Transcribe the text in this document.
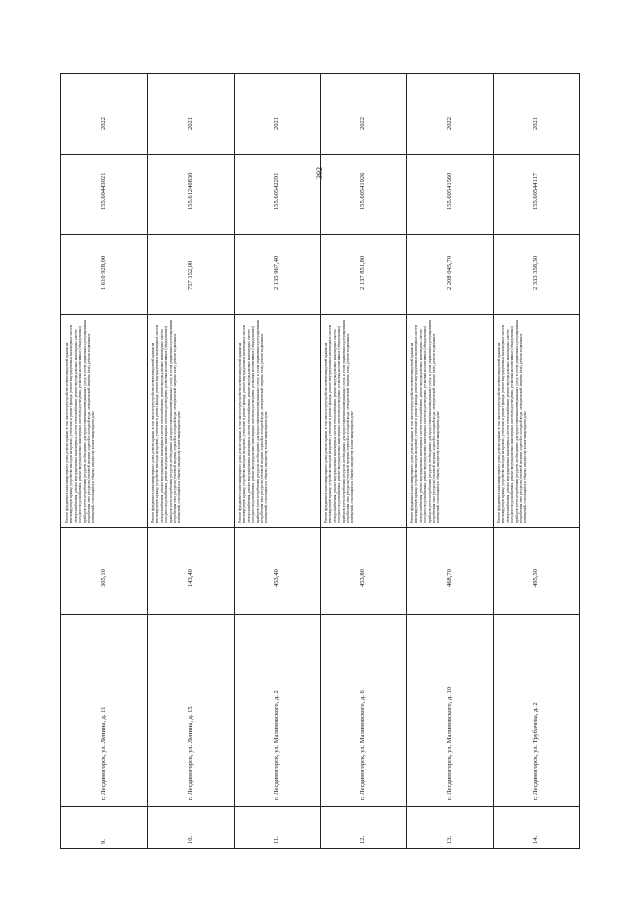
392
9.
г. Лесдиногорск, ул. Ленина, д. 11
305,10
Ремонт фундамента многоквартирного дома, ремонт крыши, в том числе переустройство невентилируемой крыши на вентилируемую крышу, устройство выходов на кровлю, утепление и ремонт фасада, ремонт внутридомовых инженерных систем электроснабжения, ремонт внутридомовых инженерных систем теплоснабжения, ремонт внутридомовых инженерных систем холодного водоснабжения, ремонт внутридомовых инженерных систем водоотведения, установка коллективных (общедомовых) приборов учета потребления ресурсов, необходимых для предоставления коммунальных услуг, и узлов управления и регулирования потребления этих ресурсов (тепловой энергии, горячей и холодной воды, электрической энергии, газа), ремонт подвальных помещений, относящихся к общему имуществу в многоквартирном доме
1 610 928,00
155.60443021
2022
10.
г. Лесдиногорск, ул. Ленина, д. 15
143,40
Ремонт фундамента многоквартирного дома, ремонт крыши, в том числе переустройство невентилируемой крыши на вентилируемую крышу, устройство выходов на кровлю, утепление и ремонт фасада, ремонт внутридомовых инженерных систем электроснабжения, ремонт внутридомовых инженерных систем теплоснабжения, ремонт внутридомовых инженерных систем холодного водоснабжения, ремонт внутридомовых инженерных систем водоотведения, установка коллективных (общедомовых) приборов учета потребления ресурсов, необходимых для предоставления коммунальных услуг, и узлов управления и регулирования потребления этих ресурсов (тепловой энергии, горячей и холодной воды, электрической энергии, газа), ремонт подвальных помещений, относящихся к общему имуществу в многоквартирном доме
757 152,00
155.61240830
2021
11.
г. Лесдиногорск, ул. Малиновского, д. 2
453,40
Ремонт фундамента многоквартирного дома, ремонт крыши, в том числе переустройство невентилируемой крыши на вентилируемую крышу, устройство выходов на кровлю, утепление и ремонт фасада, ремонт внутридомовых инженерных систем электроснабжения, ремонт внутридомовых инженерных систем теплоснабжения, ремонт внутридомовых инженерных систем холодного водоснабжения, ремонт внутридомовых инженерных систем водоотведения, установка коллективных (общедомовых) приборов учета потребления ресурсов, необходимых для предоставления коммунальных услуг, и узлов управления и регулирования потребления этих ресурсов (тепловой энергии, горячей и холодной воды, электрической энергии, газа), ремонт подвальных помещений, относящихся к общему имуществу в многоквартирном доме
2 135 967,40
155.60542291
2021
12.
г. Лесдиногорск, ул. Малиновского, д. 6
453,80
Ремонт фундамента многоквартирного дома, ремонт крыши, в том числе переустройство невентилируемой крыши на вентилируемую крышу, устройство выходов на кровлю, утепление и ремонт фасада, ремонт внутридомовых инженерных систем электроснабжения, ремонт внутридомовых инженерных систем теплоснабжения, ремонт внутридомовых инженерных систем холодного водоснабжения, ремонт внутридомовых инженерных систем водоотведения, установка коллективных (общедомовых) приборов учета потребления ресурсов, необходимых для предоставления коммунальных услуг, и узлов управления и регулирования потребления этих ресурсов (тепловой энергии, горячей и холодной воды, электрической энергии, газа), ремонт подвальных помещений, относящихся к общему имуществу в многоквартирном доме
2 137 851,80
155.60541926
2022
13.
г. Лесдиногорск, ул. Малиновского, д. 10
468,70
Ремонт фундамента многоквартирного дома, ремонт крыши, в том числе переустройство невентилируемой крыши на вентилируемую крышу, устройство выходов на кровлю, утепление и ремонт фасада, ремонт внутридомовых инженерных систем электроснабжения, ремонт внутридомовых инженерных систем теплоснабжения, ремонт внутридомовых инженерных систем холодного водоснабжения, ремонт внутридомовых инженерных систем водоотведения, установка коллективных (общедомовых) приборов учета потребления ресурсов, необходимых для предоставления коммунальных услуг, и узлов управления и регулирования потребления этих ресурсов (тепловой энергии, горячей и холодной воды, электрической энергии, газа), ремонт подвальных помещений, относящихся к общему имуществу в многоквартирном доме
2 208 045,70
155.60541560
2022
14.
г. Лесдиногорск, ул. Трубачева, д. 2
495,30
Ремонт фундамента многоквартирного дома, ремонт крыши, в том числе переустройство невентилируемой крыши на вентилируемую крышу, устройство выходов на кровлю, утепление и ремонт фасада, ремонт внутридомовых инженерных систем электроснабжения, ремонт внутридомовых инженерных систем теплоснабжения, ремонт внутридомовых инженерных систем холодного водоснабжения, ремонт внутридомовых инженерных систем водоотведения, установка коллективных (общедомовых) приборов учета потребления ресурсов, необходимых для предоставления коммунальных услуг, и узлов управления и регулирования потребления этих ресурсов (тепловой энергии, горячей и холодной воды, электрической энергии, газа), ремонт подвальных помещений, относящихся к общему имуществу в многоквартирном доме
2 333 358,30
155.60544117
2021
